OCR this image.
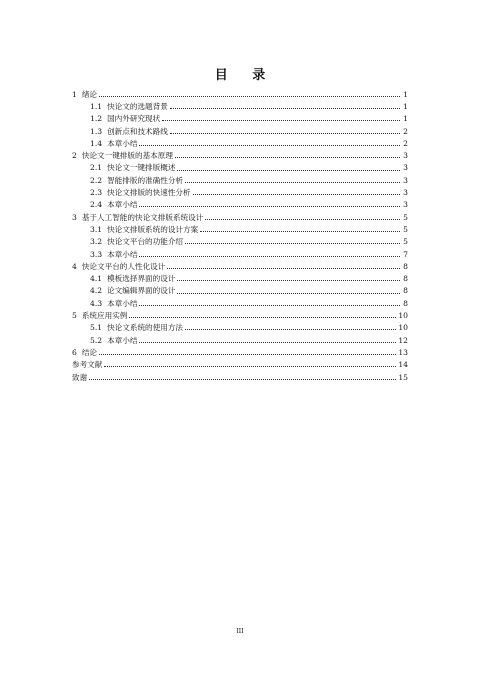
目 录
1 绪论	1
1.1 快论文的选题背景	1
1.2 国内外研究现状	1
1.3 创新点和技术路线	2
1.4 本章小结	2
2 快论文一键排版的基本原理	3
2.1 快论文一键排版概述	3
2.2 智能排版的准确性分析	3
2.3 快论文排版的快速性分析	3
2.4 本章小结	3
3 基于人工智能的快论文排版系统设计	5
3.1 快论文排版系统的设计方案	5
3.2 快论文平台的功能介绍	5
3.3 本章小结	7
4 快论文平台的人性化设计	8
4.1 模板选择界面的设计	8
4.2 论文编辑界面的设计	8
4.3 本章小结	8
5 系统应用实例	10
5.1 快论文系统的使用方法	10
5.2 本章小结	12
6 结论	13
参考文献	14
致谢	15
III
